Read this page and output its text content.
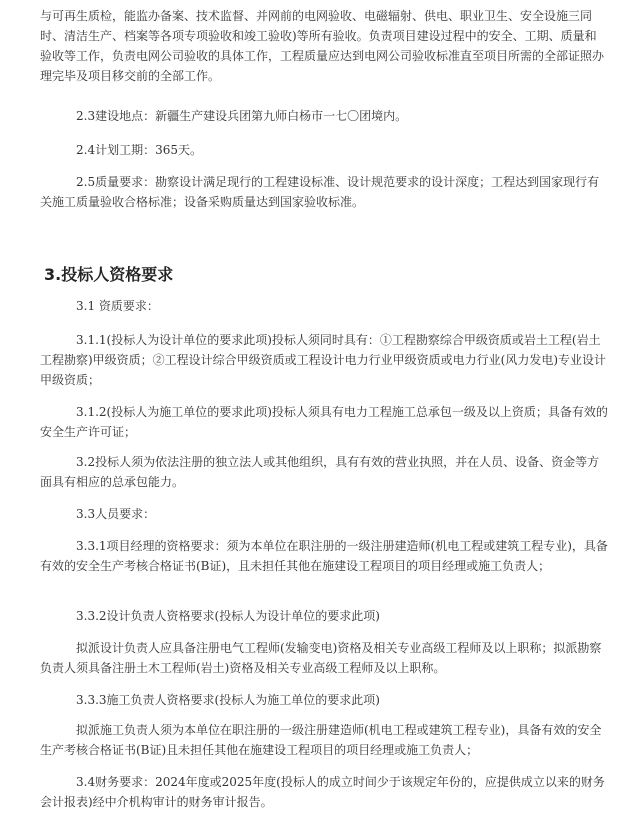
与可再生质检，能监办备案、技术监督、并网前的电网验收、电磁辐射、供电、职业卫生、安全设施三同时、清洁生产、档案等各项专项验收和竣工验收)等所有验收。负责项目建设过程中的安全、工期、质量和验收等工作，负责电网公司验收的具体工作，工程质量应达到电网公司验收标准直至项目所需的全部证照办理完毕及项目移交前的全部工作。

2.3建设地点：新疆生产建设兵团第九师白杨市一七〇团境内。

2.4计划工期：365天。

2.5质量要求：勘察设计满足现行的工程建设标准、设计规范要求的设计深度；工程达到国家现行有关施工质量验收合格标准；设备采购质量达到国家验收标准。

3.投标人资格要求

3.1 资质要求：

3.1.1(投标人为设计单位的要求此项)投标人须同时具有：①工程勘察综合甲级资质或岩土工程(岩土工程勘察)甲级资质；②工程设计综合甲级资质或工程设计电力行业甲级资质或电力行业(风力发电)专业设计甲级资质；

3.1.2(投标人为施工单位的要求此项)投标人须具有电力工程施工总承包一级及以上资质；具备有效的安全生产许可证；

3.2投标人须为依法注册的独立法人或其他组织，具有有效的营业执照，并在人员、设备、资金等方面具有相应的总承包能力。

3.3人员要求：

3.3.1项目经理的资格要求：须为本单位在职注册的一级注册建造师(机电工程或建筑工程专业)，具备有效的安全生产考核合格证书(B证)，且未担任其他在施建设工程项目的项目经理或施工负责人；

3.3.2设计负责人资格要求(投标人为设计单位的要求此项)

拟派设计负责人应具备注册电气工程师(发输变电)资格及相关专业高级工程师及以上职称；拟派勘察负责人须具备注册土木工程师(岩土)资格及相关专业高级工程师及以上职称。

3.3.3施工负责人资格要求(投标人为施工单位的要求此项)

拟派施工负责人须为本单位在职注册的一级注册建造师(机电工程或建筑工程专业)，具备有效的安全生产考核合格证书(B证)且未担任其他在施建设工程项目的项目经理或施工负责人；

3.4财务要求：2024年度或2025年度(投标人的成立时间少于该规定年份的，应提供成立以来的财务会计报表)经中介机构审计的财务审计报告。
